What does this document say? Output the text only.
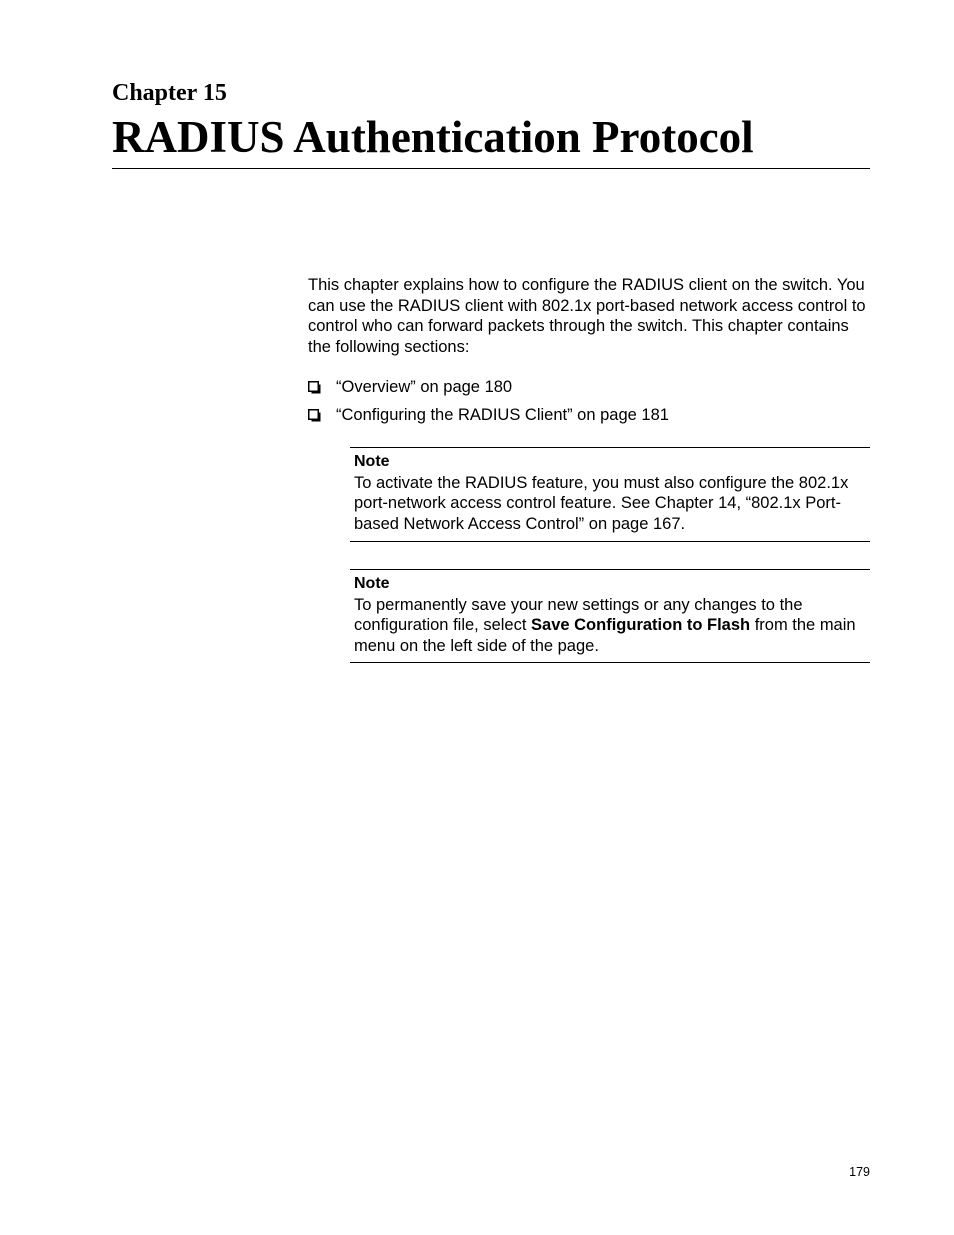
Chapter 15
RADIUS Authentication Protocol

This chapter explains how to configure the RADIUS client on the switch. You can use the RADIUS client with 802.1x port-based network access control to control who can forward packets through the switch. This chapter contains the following sections:

“Overview” on page 180
“Configuring the RADIUS Client” on page 181
Note

To activate the RADIUS feature, you must also configure the 802.1x port-network access control feature. See Chapter 14, “802.1x Port-based Network Access Control” on page 167.

Note

To permanently save your new settings or any changes to the configuration file, select Save Configuration to Flash from the main menu on the left side of the page.

179
